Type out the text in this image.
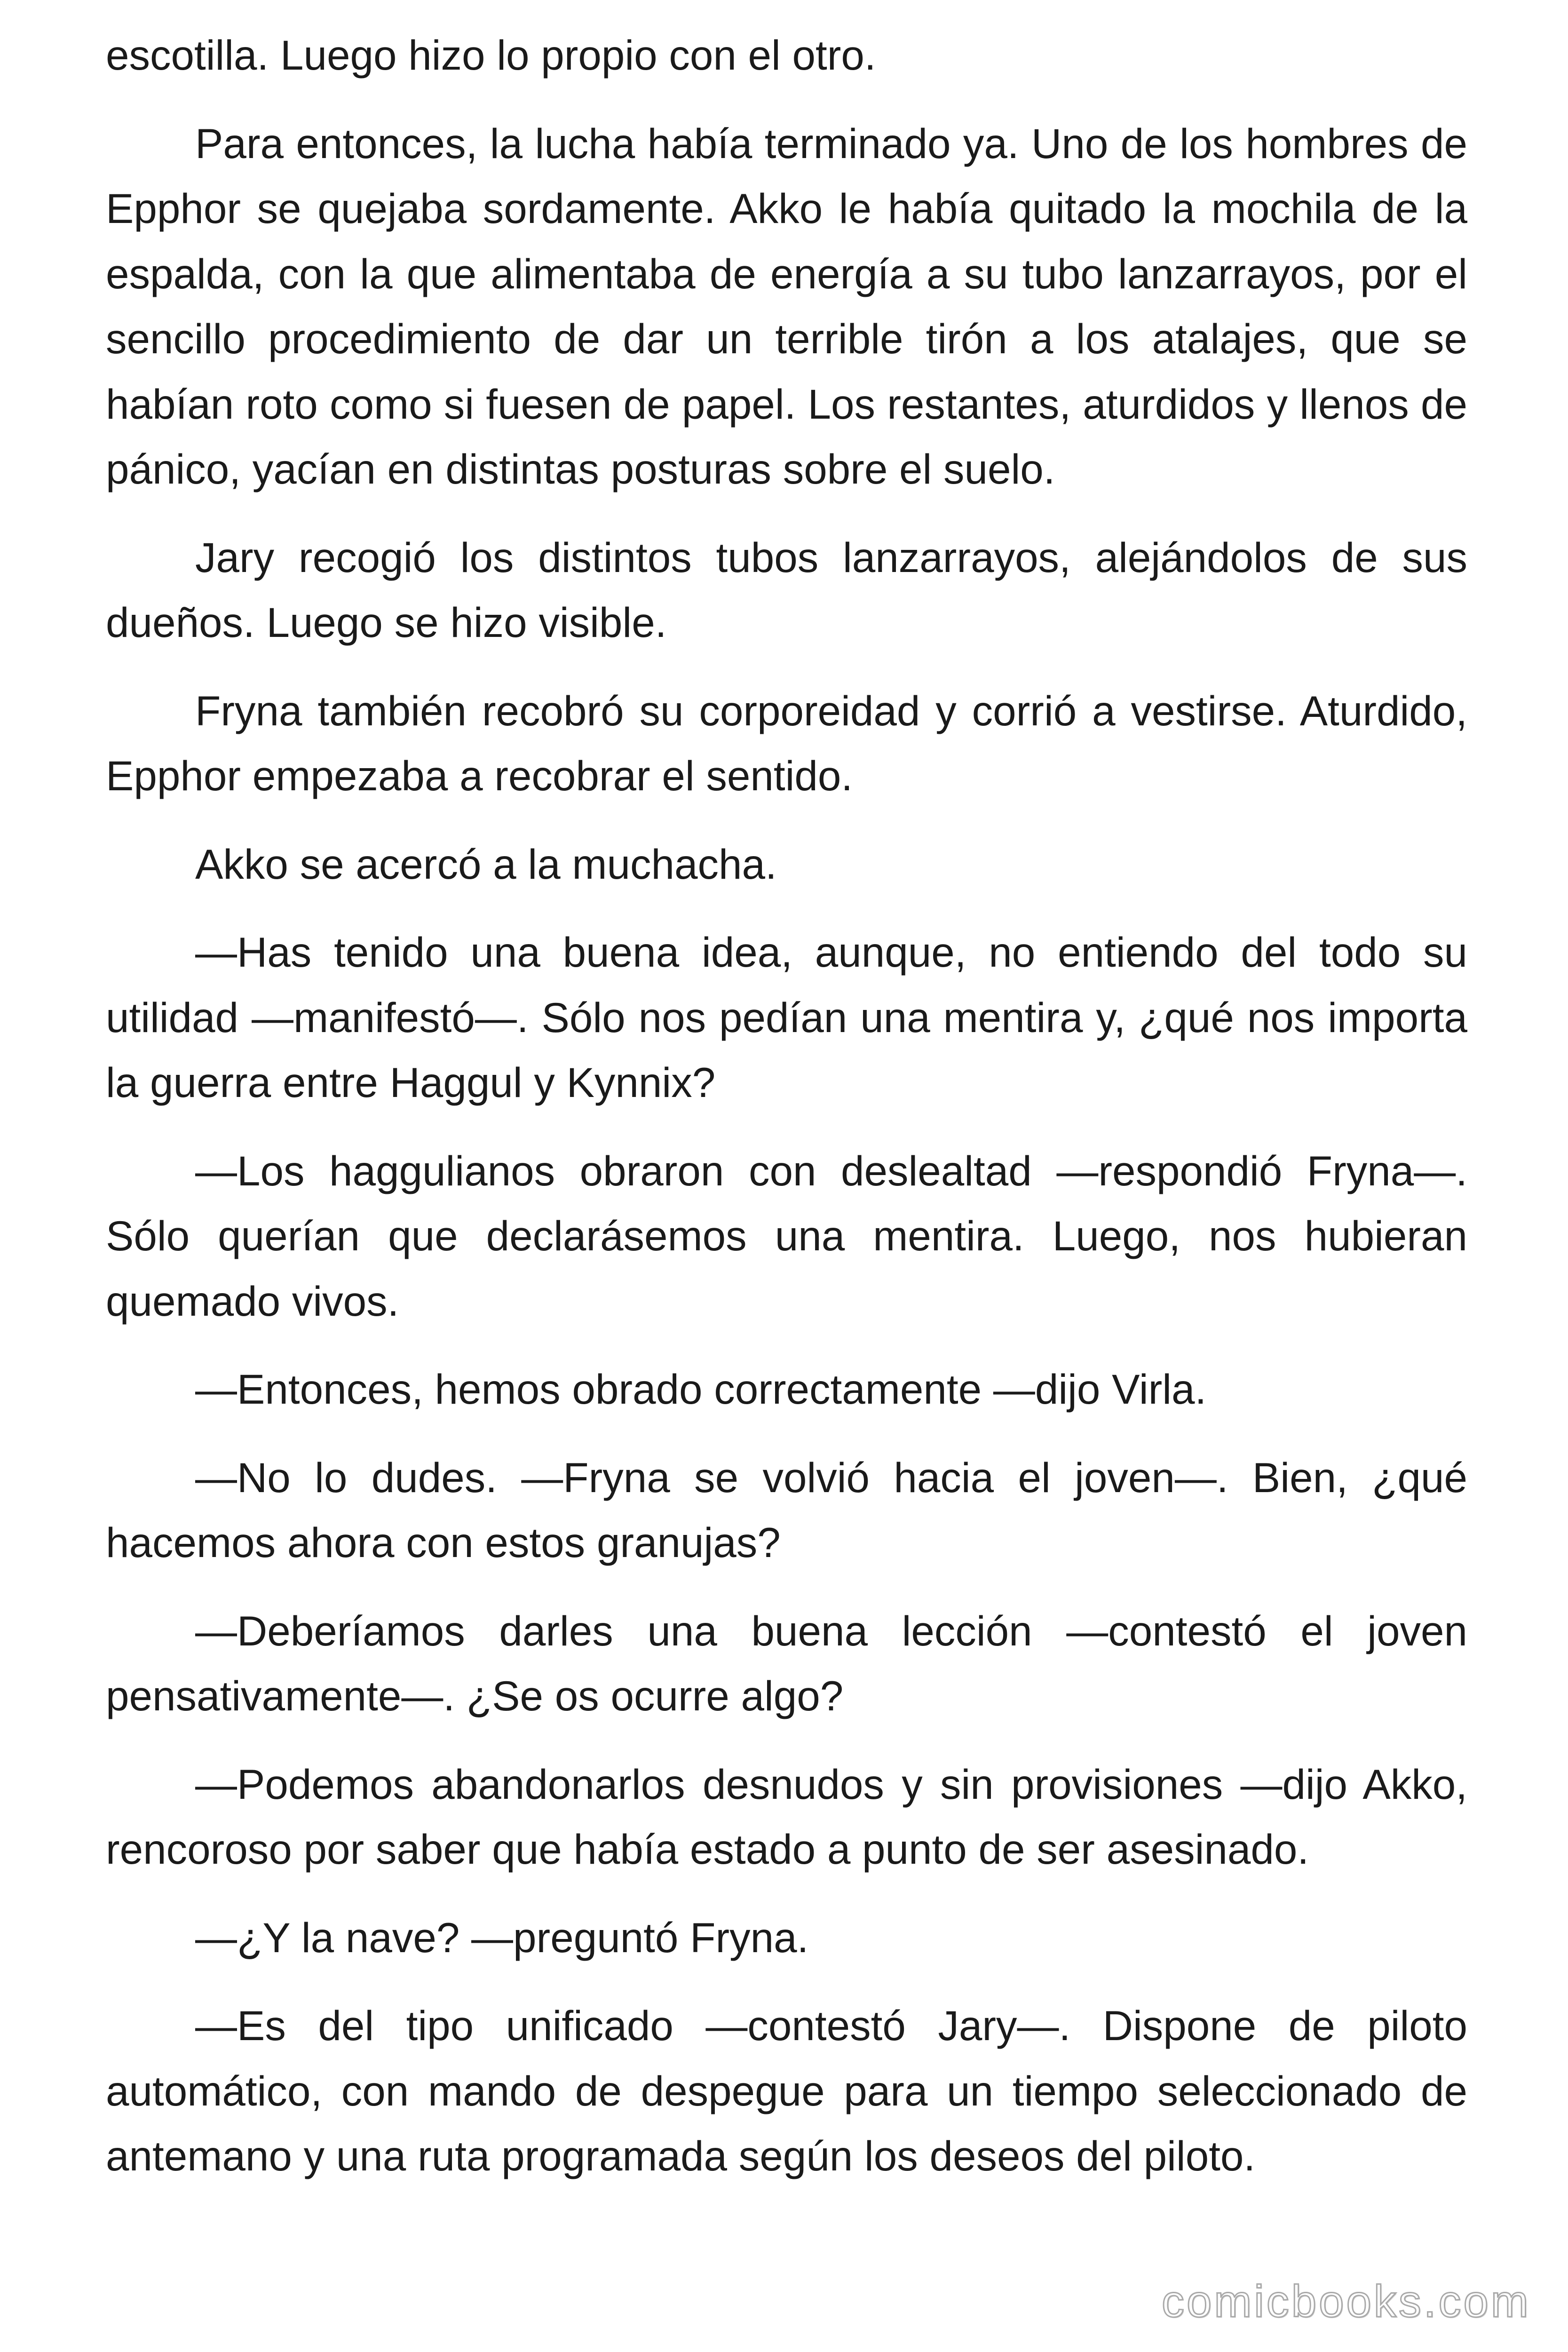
escotilla. Luego hizo lo propio con el otro.

Para entonces, la lucha había terminado ya. Uno de los hombres de Epphor se quejaba sordamente. Akko le había quitado la mochila de la espalda, con la que alimentaba de energía a su tubo lanzarrayos, por el sencillo procedimiento de dar un terrible tirón a los atalajes, que se habían roto como si fuesen de papel. Los restantes, aturdidos y llenos de pánico, yacían en distintas posturas sobre el suelo.

Jary recogió los distintos tubos lanzarrayos, alejándolos de sus dueños. Luego se hizo visible.

Fryna también recobró su corporeidad y corrió a vestirse. Aturdido, Epphor empezaba a recobrar el sentido.

Akko se acercó a la muchacha.

—Has tenido una buena idea, aunque, no entiendo del todo su utilidad —manifestó—. Sólo nos pedían una mentira y, ¿qué nos importa la guerra entre Haggul y Kynnix?

—Los haggulianos obraron con deslealtad —respondió Fryna—. Sólo querían que declarásemos una mentira. Luego, nos hubieran quemado vivos.

—Entonces, hemos obrado correctamente —dijo Virla.

—No lo dudes. —Fryna se volvió hacia el joven—. Bien, ¿qué hacemos ahora con estos granujas?

—Deberíamos darles una buena lección —contestó el joven pensativamente—. ¿Se os ocurre algo?

—Podemos abandonarlos desnudos y sin provisiones —dijo Akko, rencoroso por saber que había estado a punto de ser asesinado.

—¿Y la nave? —preguntó Fryna.

—Es del tipo unificado —contestó Jary—. Dispone de piloto automático, con mando de despegue para un tiempo seleccionado de antemano y una ruta programada según los deseos del piloto.

comicbooks.com
